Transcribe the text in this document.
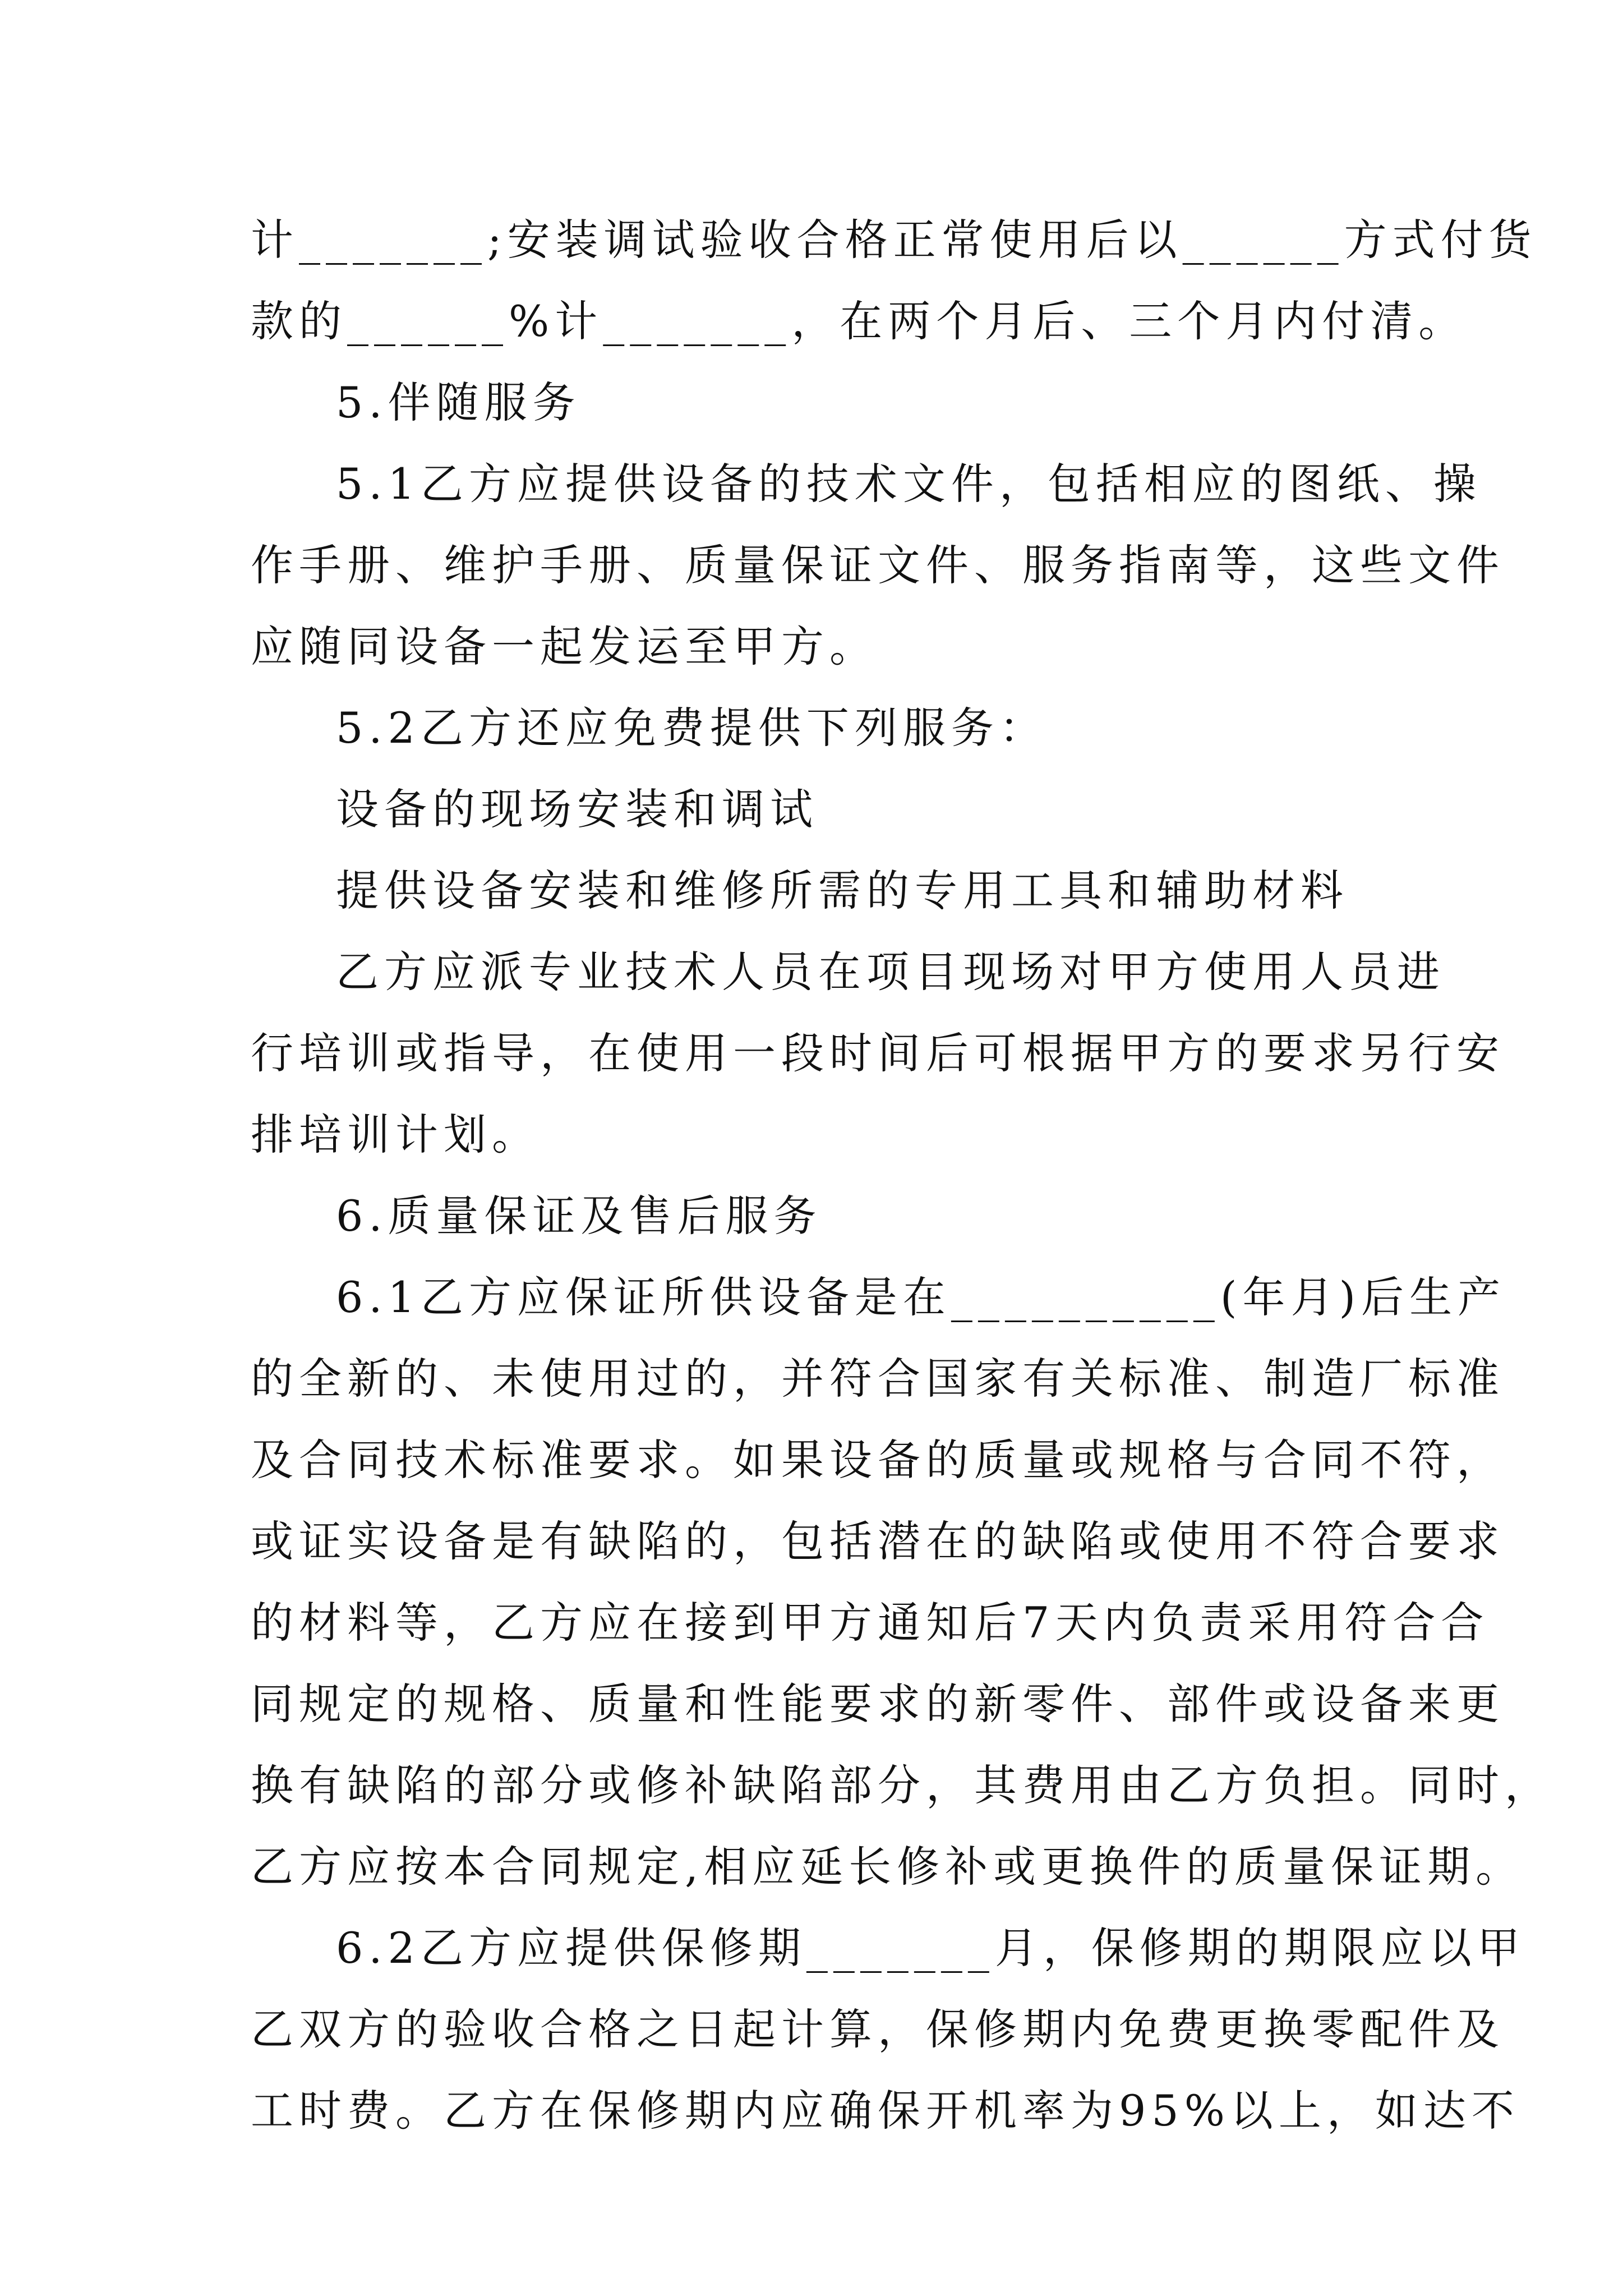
计_______;安装调试验收合格正常使用后以______方式付货
款的______%计_______，在两个月后、三个月内付清。
5.伴随服务
5.1乙方应提供设备的技术文件，包括相应的图纸、操
作手册、维护手册、质量保证文件、服务指南等，这些文件
应随同设备一起发运至甲方。
5.2乙方还应免费提供下列服务：
设备的现场安装和调试
提供设备安装和维修所需的专用工具和辅助材料
乙方应派专业技术人员在项目现场对甲方使用人员进
行培训或指导，在使用一段时间后可根据甲方的要求另行安
排培训计划。
6.质量保证及售后服务
6.1乙方应保证所供设备是在__________(年月)后生产
的全新的、未使用过的，并符合国家有关标准、制造厂标准
及合同技术标准要求。如果设备的质量或规格与合同不符，
或证实设备是有缺陷的，包括潜在的缺陷或使用不符合要求
的材料等，乙方应在接到甲方通知后7天内负责采用符合合
同规定的规格、质量和性能要求的新零件、部件或设备来更
换有缺陷的部分或修补缺陷部分，其费用由乙方负担。同时，
乙方应按本合同规定,相应延长修补或更换件的质量保证期。
6.2乙方应提供保修期_______月，保修期的期限应以甲
乙双方的验收合格之日起计算，保修期内免费更换零配件及
工时费。乙方在保修期内应确保开机率为95%以上，如达不
